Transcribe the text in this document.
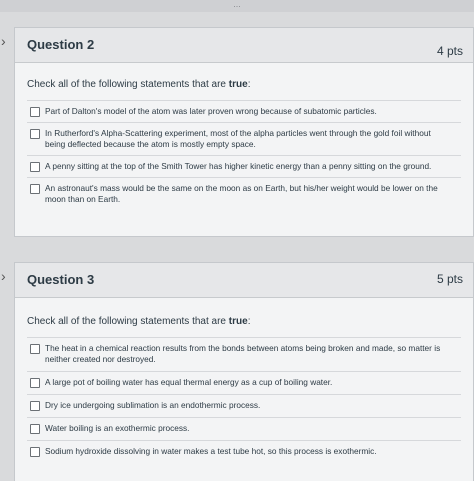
...
›	Question 2	4 pts
Check all of the following statements that are true:
Part of Dalton's model of the atom was later proven wrong because of subatomic particles.
In Rutherford's Alpha-Scattering experiment, most of the alpha particles went through the gold foil without being deflected because the atom is mostly empty space.
A penny sitting at the top of the Smith Tower has higher kinetic energy than a penny sitting on the ground.
An astronaut's mass would be the same on the moon as on Earth, but his/her weight would be lower on the moon than on Earth.
›	Question 3	5 pts
Check all of the following statements that are true:
The heat in a chemical reaction results from the bonds between atoms being broken and made, so matter is neither created nor destroyed.
A large pot of boiling water has equal thermal energy as a cup of boiling water.
Dry ice undergoing sublimation is an endothermic process.
Water boiling is an exothermic process.
Sodium hydroxide dissolving in water makes a test tube hot, so this process is exothermic.
